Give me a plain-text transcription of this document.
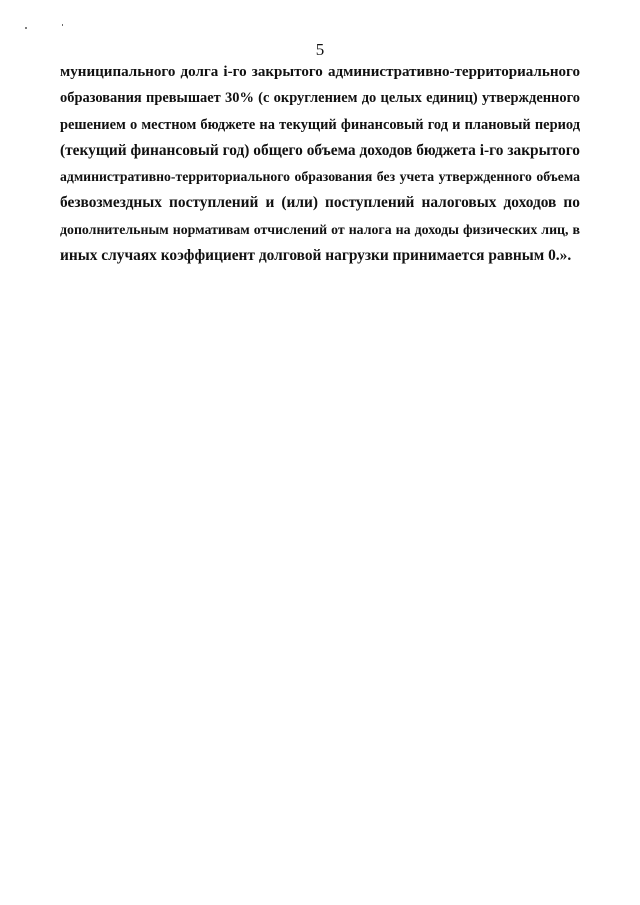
5

муниципального долга i-го закрытого административно-территориального
образования превышает 30% (с округлением до целых единиц) утвержденного
решением о местном бюджете на текущий финансовый год и плановый период
(текущий финансовый год) общего объема доходов бюджета i-го закрытого
административно-территориального образования без учета утвержденного объема
безвозмездных поступлений и (или) поступлений налоговых доходов по
дополнительным нормативам отчислений от налога на доходы физических лиц, в
иных случаях коэффициент долговой нагрузки принимается равным 0.».
